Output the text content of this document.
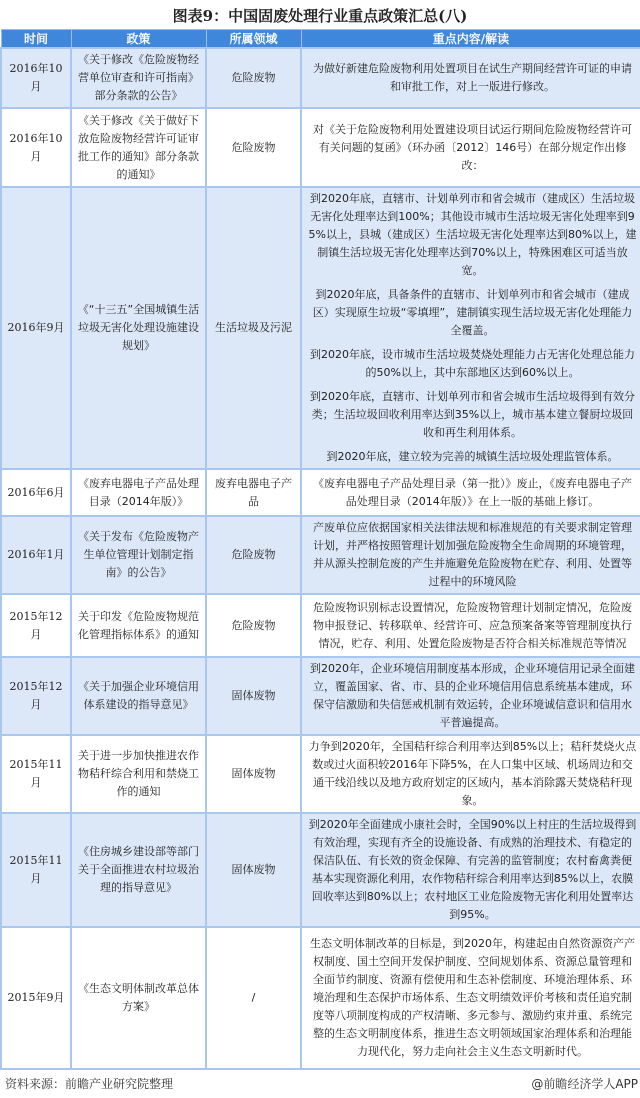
图表9：中国固废处理行业重点政策汇总(八)
时间	政策	所属领域	重点内容/解读
2016年10月	《关于修改《危险废物经营单位审查和许可指南》部分条款的公告》	危险废物	为做好新建危险废物利用处置项目在试生产期间经营许可证的申请和审批工作，对上一版进行修改。

2016年10月	《关于修改《关于做好下放危险废物经营许可证审批工作的通知》部分条款的通知》	危险废物	对《关于危险废物利用处置建设项目试运行期间危险废物经营许可有关问题的复函》（环办函〔2012〕146号）在部分规定作出修改：

2016年9月	《“十三五”全国城镇生活垃圾无害化处理设施建设规划》	生活垃圾及污泥	到2020年底，直辖市、计划单列市和省会城市（建成区）生活垃圾无害化处理率达到100%；其他设市城市生活垃圾无害化处理率到95%以上，县城（建成区）生活垃圾无害化处理率达到80%以上，建制镇生活垃圾无害化处理率达到70%以上，特殊困难区可适当放宽。

到2020年底，具备条件的直辖市、计划单列市和省会城市（建成区）实现原生垃圾“零填埋”，建制镇实现生活垃圾无害化处理能力全覆盖。

到2020年底，设市城市生活垃圾焚烧处理能力占无害化处理总能力的50%以上，其中东部地区达到60%以上。

到2020年底，直辖市、计划单列市和省会城市生活垃圾得到有效分类；生活垃圾回收利用率达到35%以上，城市基本建立餐厨垃圾回收和再生利用体系。

到2020年底，建立较为完善的城镇生活垃圾处理监管体系。

2016年6月	《废弃电器电子产品处理目录（2014年版）》	废弃电器电子产品	《废弃电器电子产品处理目录（第一批）》废止，《废弃电器电子产品处理目录（2014年版）》在上一版的基础上修订。

2016年1月	《关于发布《危险废物产生单位管理计划制定指南》的公告》	危险废物	产废单位应依据国家相关法律法规和标准规范的有关要求制定管理计划，并严格按照管理计划加强危险废物全生命周期的环境管理，并从源头控制危废的产生并施避免危险废物在贮存、利用、处置等 过程中的环境风险

2015年12月	关于印发《危险废物规范化管理指标体系》的通知	危险废物	危险废物识别标志设置情况，危险废物管理计划制定情况，危险废物申报登记、转移联单、经营许可、应急预案备案等管理制度执行情况，贮存、利用、处置危险废物是否符合相关标准规范等情况

2015年12月	《关于加强企业环境信用体系建设的指导意见》	固体废物	到2020年，企业环境信用制度基本形成，企业环境信用记录全面建立，覆盖国家、省、市、县的企业环境信用信息系统基本建成，环保守信激励和失信惩戒机制有效运转，企业环境诚信意识和信用水平普遍提高。

2015年11月	关于进一步加快推进农作物秸秆综合利用和禁烧工作的通知	固体废物	力争到2020年，全国秸秆综合利用率达到85%以上；秸秆焚烧火点数或过火面积较2016年下降5%，在人口集中区域、机场周边和交通干线沿线以及地方政府划定的区域内，基本消除露天焚烧秸秆现象。

2015年11月	《住房城乡建设部等部门关于全面推进农村垃圾治理的指导意见》	固体废物	到2020年全面建成小康社会时，全国90%以上村庄的生活垃圾得到有效治理，实现有齐全的设施设备、有成熟的治理技术、有稳定的保洁队伍、有长效的资金保障、有完善的监管制度；农村畜禽粪便基本实现资源化利用，农作物秸秆综合利用率达到85%以上，农膜回收率达到80%以上；农村地区工业危险废物无害化利用处置率达到95%。

2015年9月	《生态文明体制改革总体方案》	/	生态文明体制改革的目标是，到2020年，构建起由自然资源资产产权制度、国土空间开发保护制度、空间规划体系、资源总量管理和全面节约制度、资源有偿使用和生态补偿制度、环境治理体系、环境治理和生态保护市场体系、生态文明绩效评价考核和责任追究制度等八项制度构成的产权清晰、多元参与、激励约束并重、系统完整的生态文明制度体系，推进生态文明领域国家治理体系和治理能力现代化，努力走向社会主义生态文明新时代。

资料来源：前瞻产业研究院整理	@前瞻经济学人APP
